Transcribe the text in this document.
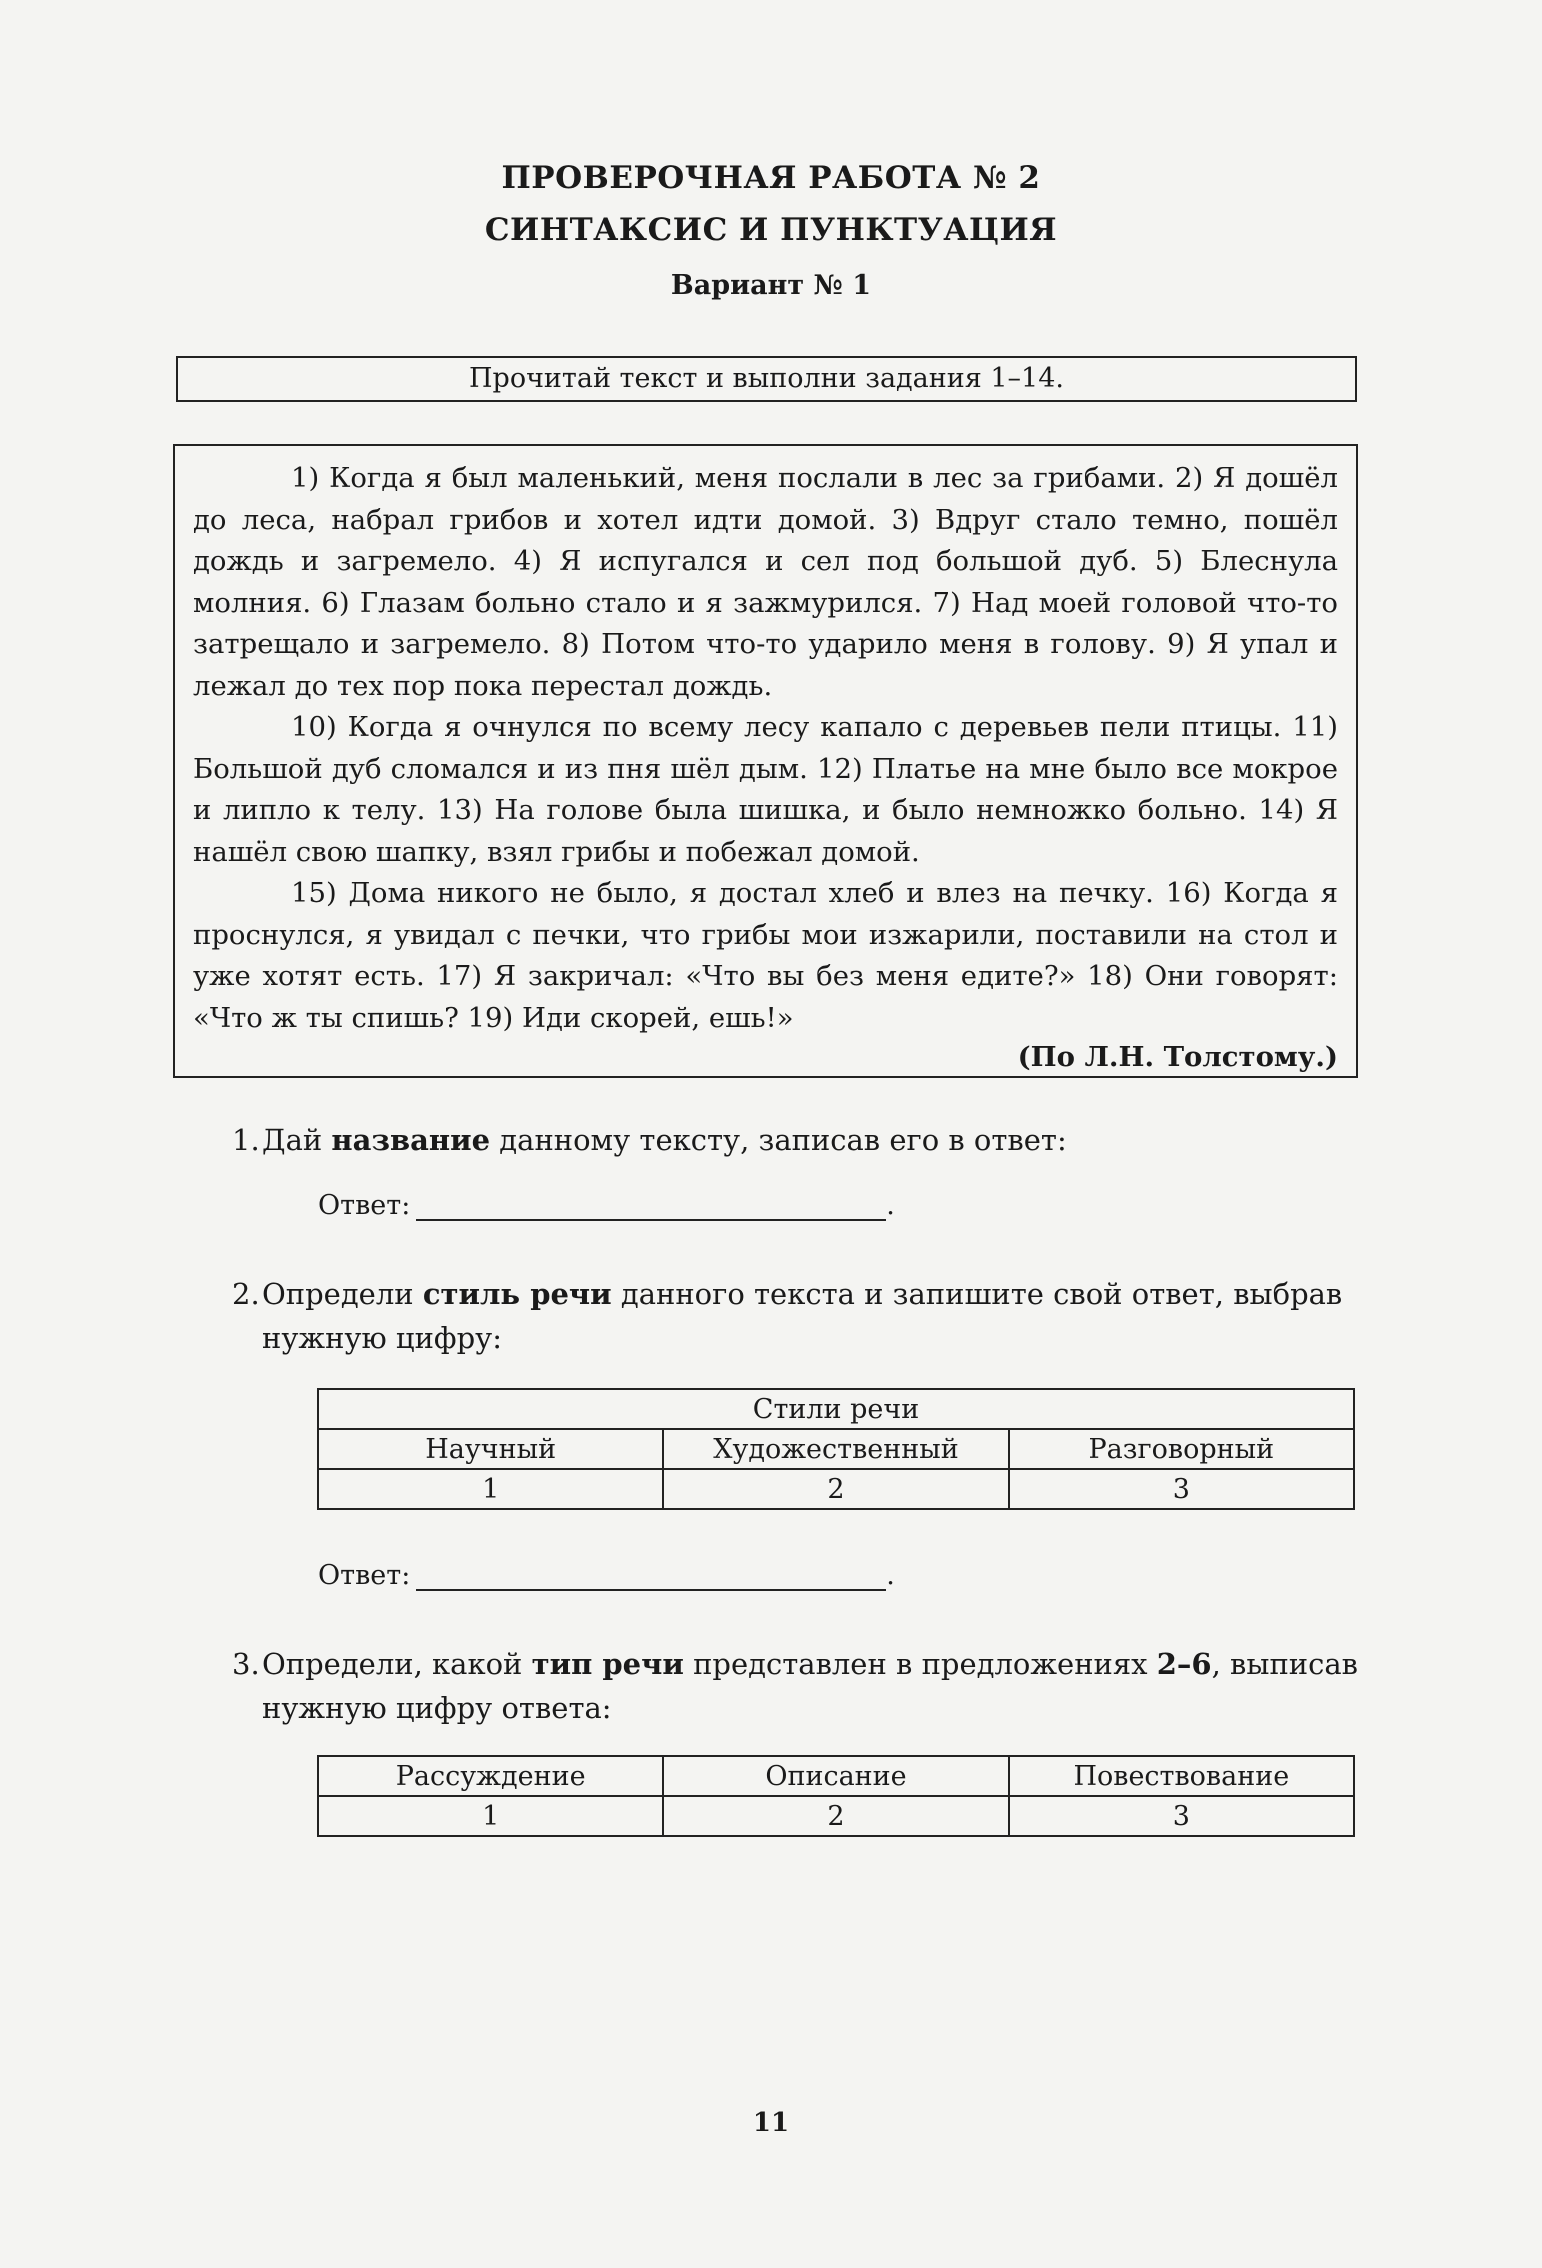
ПРОВЕРОЧНАЯ РАБОТА № 2
СИНТАКСИС И ПУНКТУАЦИЯ
Вариант № 1
Прочитай текст и выполни задания 1–14.

1) Когда я был маленький, меня послали в лес за грибами. 2) Я дошёл до леса, набрал грибов и хотел идти домой. 3) Вдруг стало темно, пошёл дождь и загремело. 4) Я испугался и сел под большой дуб. 5) Блеснула молния. 6) Глазам больно стало и я зажмурился. 7) Над моей головой что-то затрещало и загремело. 8) Потом что-то ударило меня в голову. 9) Я упал и лежал до тех пор пока перестал дождь.

10) Когда я очнулся по всему лесу капало с деревьев пели птицы. 11) Большой дуб сломался и из пня шёл дым. 12) Платье на мне было все мокрое и липло к телу. 13) На голове была шишка, и было немножко больно. 14) Я нашёл свою шапку, взял грибы и побежал домой.

15) Дома никого не было, я достал хлеб и влез на печку. 16) Когда я проснулся, я увидал с печки, что грибы мои изжарили, поставили на стол и уже хотят есть. 17) Я закричал: «Что вы без меня едите?» 18) Они говорят: «Что ж ты спишь? 19) Иди скорей, ешь!»

(По Л.Н. Толстому.)
1. Дай название данному тексту, записав его в ответ:
Ответ:	.
2. Определи стиль речи данного текста и запишите свой ответ, выбрав нужную цифру:
Стили речи		
Научный	Художественный	Разговорный
1	2	3
Ответ:	.
3. Определи, какой тип речи представлен в предложениях 2–6, выписав нужную цифру ответа:
Рассуждение	Описание	Повествование
1	2	3
11
